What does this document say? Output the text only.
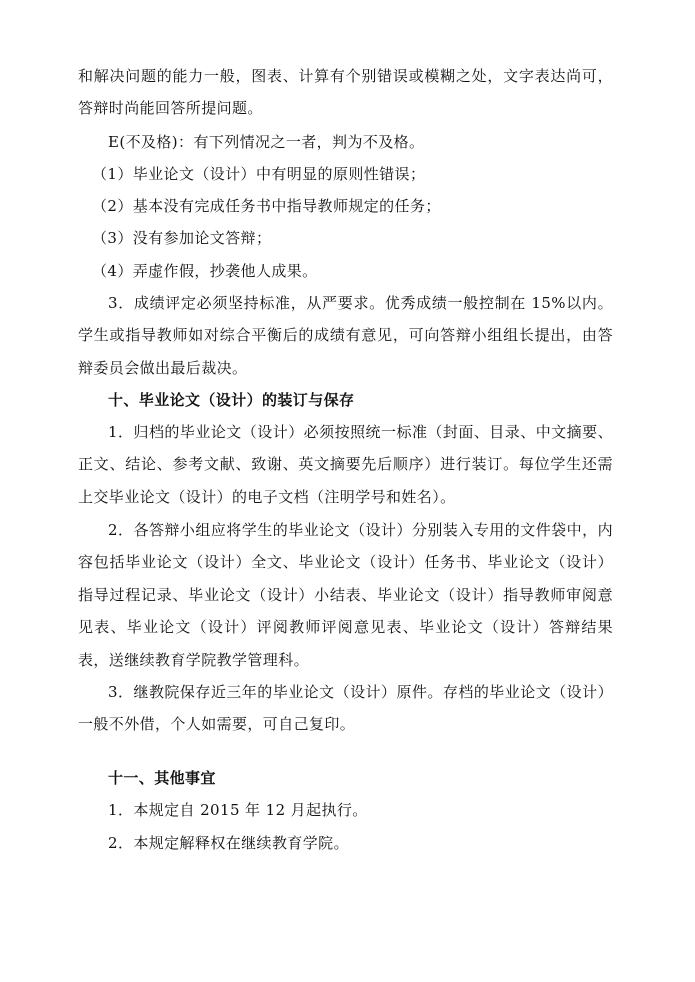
和解决问题的能力一般，图表、计算有个别错误或模糊之处，文字表达尚可，答辩时尚能回答所提问题。

E(不及格)：有下列情况之一者，判为不及格。
（1）毕业论文（设计）中有明显的原则性错误；
（2）基本没有完成任务书中指导教师规定的任务；
（3）没有参加论文答辩；
（4）弄虚作假，抄袭他人成果。

3．成绩评定必须坚持标准，从严要求。优秀成绩一般控制在 15%以内。学生或指导教师如对综合平衡后的成绩有意见，可向答辩小组组长提出，由答辩委员会做出最后裁决。

十、毕业论文（设计）的装订与保存

1．归档的毕业论文（设计）必须按照统一标准（封面、目录、中文摘要、正文、结论、参考文献、致谢、英文摘要先后顺序）进行装订。每位学生还需上交毕业论文（设计）的电子文档（注明学号和姓名）。

2．各答辩小组应将学生的毕业论文（设计）分别装入专用的文件袋中，内容包括毕业论文（设计）全文、毕业论文（设计）任务书、毕业论文（设计）指导过程记录、毕业论文（设计）小结表、毕业论文（设计）指导教师审阅意见表、毕业论文（设计）评阅教师评阅意见表、毕业论文（设计）答辩结果表，送继续教育学院教学管理科。

3．继教院保存近三年的毕业论文（设计）原件。存档的毕业论文（设计）一般不外借，个人如需要，可自己复印。

十一、其他事宜
1．本规定自 2015 年 12 月起执行。
2．本规定解释权在继续教育学院。
